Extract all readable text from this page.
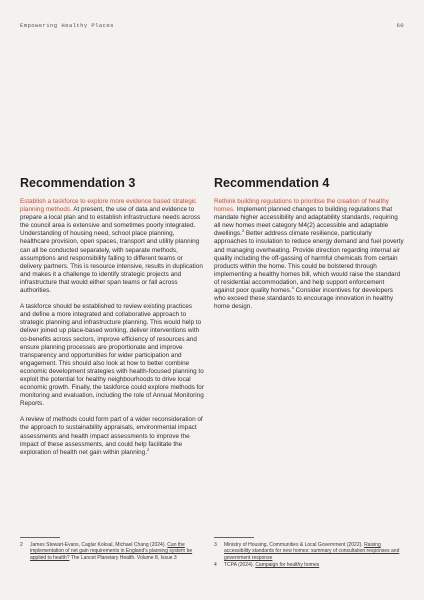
Empowering Healthy Places	60
Recommendation 3

Establish a taskforce to explore more evidence based strategic planning methods. At present, the use of data and evidence to prepare a local plan and to establish infrastructure needs across the council area is extensive and sometimes poorly integrated. Understanding of housing need, school place planning, healthcare provision, open spaces, transport and utility planning can all be conducted separately, with separate methods, assumptions and responsibility falling to different teams or delivery partners. This is resource intensive, results in duplication and makes it a challenge to identify strategic projects and infrastructure that would either span teams or fall across authorities.

A taskforce should be established to review existing practices and define a more integrated and collaborative approach to strategic planning and infrastructure planning. This would help to deliver joined up place-based working, deliver interventions with co-benefits across sectors, improve efficiency of resources and ensure planning processes are proportionate and improve transparency and opportunities for wider participation and engagement. This should also look at how to better combine economic development strategies with health-focused planning to exploit the potential for healthy neighbourhoods to drive local economic growth. Finally, the taskforce could explore methods for monitoring and evaluation, including the role of Annual Monitoring Reports.

A review of methods could form part of a wider reconsideration of the approach to sustainability appraisals, environmental impact assessments and health impact assessments to improve the impact of these assessments, and could help facilitate the exploration of health net gain within planning.$^2$

Recommendation 4

Rethink building regulations to prioritise the creation of healthy homes. Implement planned changes to building regulations that mandate higher accessibility and adaptability standards, requiring all new homes meet category M4(2) accessible and adaptable dwellings.$^3$ Better address climate resilience, particularly approaches to insulation to reduce energy demand and fuel poverty and managing overheating. Provide direction regarding internal air quality including the off-gassing of harmful chemicals from certain products within the home. This could be bolstered through implementing a healthy homes bill, which would raise the standard of residential accommodation, and help support enforcement against poor quality homes.$^4$ Consider incentives for developers who exceed these standards to encourage innovation in healthy home design.

2	James Stewart-Evans, Caglar Koksal, Michael Chang (2024). Can the implementation of net gain requirements in England's planning system be applied to health? The Lancet Planetary Health. Volume 8, Issue 3
3	Ministry of Housing, Communities & Local Government (2022). Raising accessibility standards for new homes: summary of consultation responses and government response
4	TCPA (2024). Campaign for healthy homes
